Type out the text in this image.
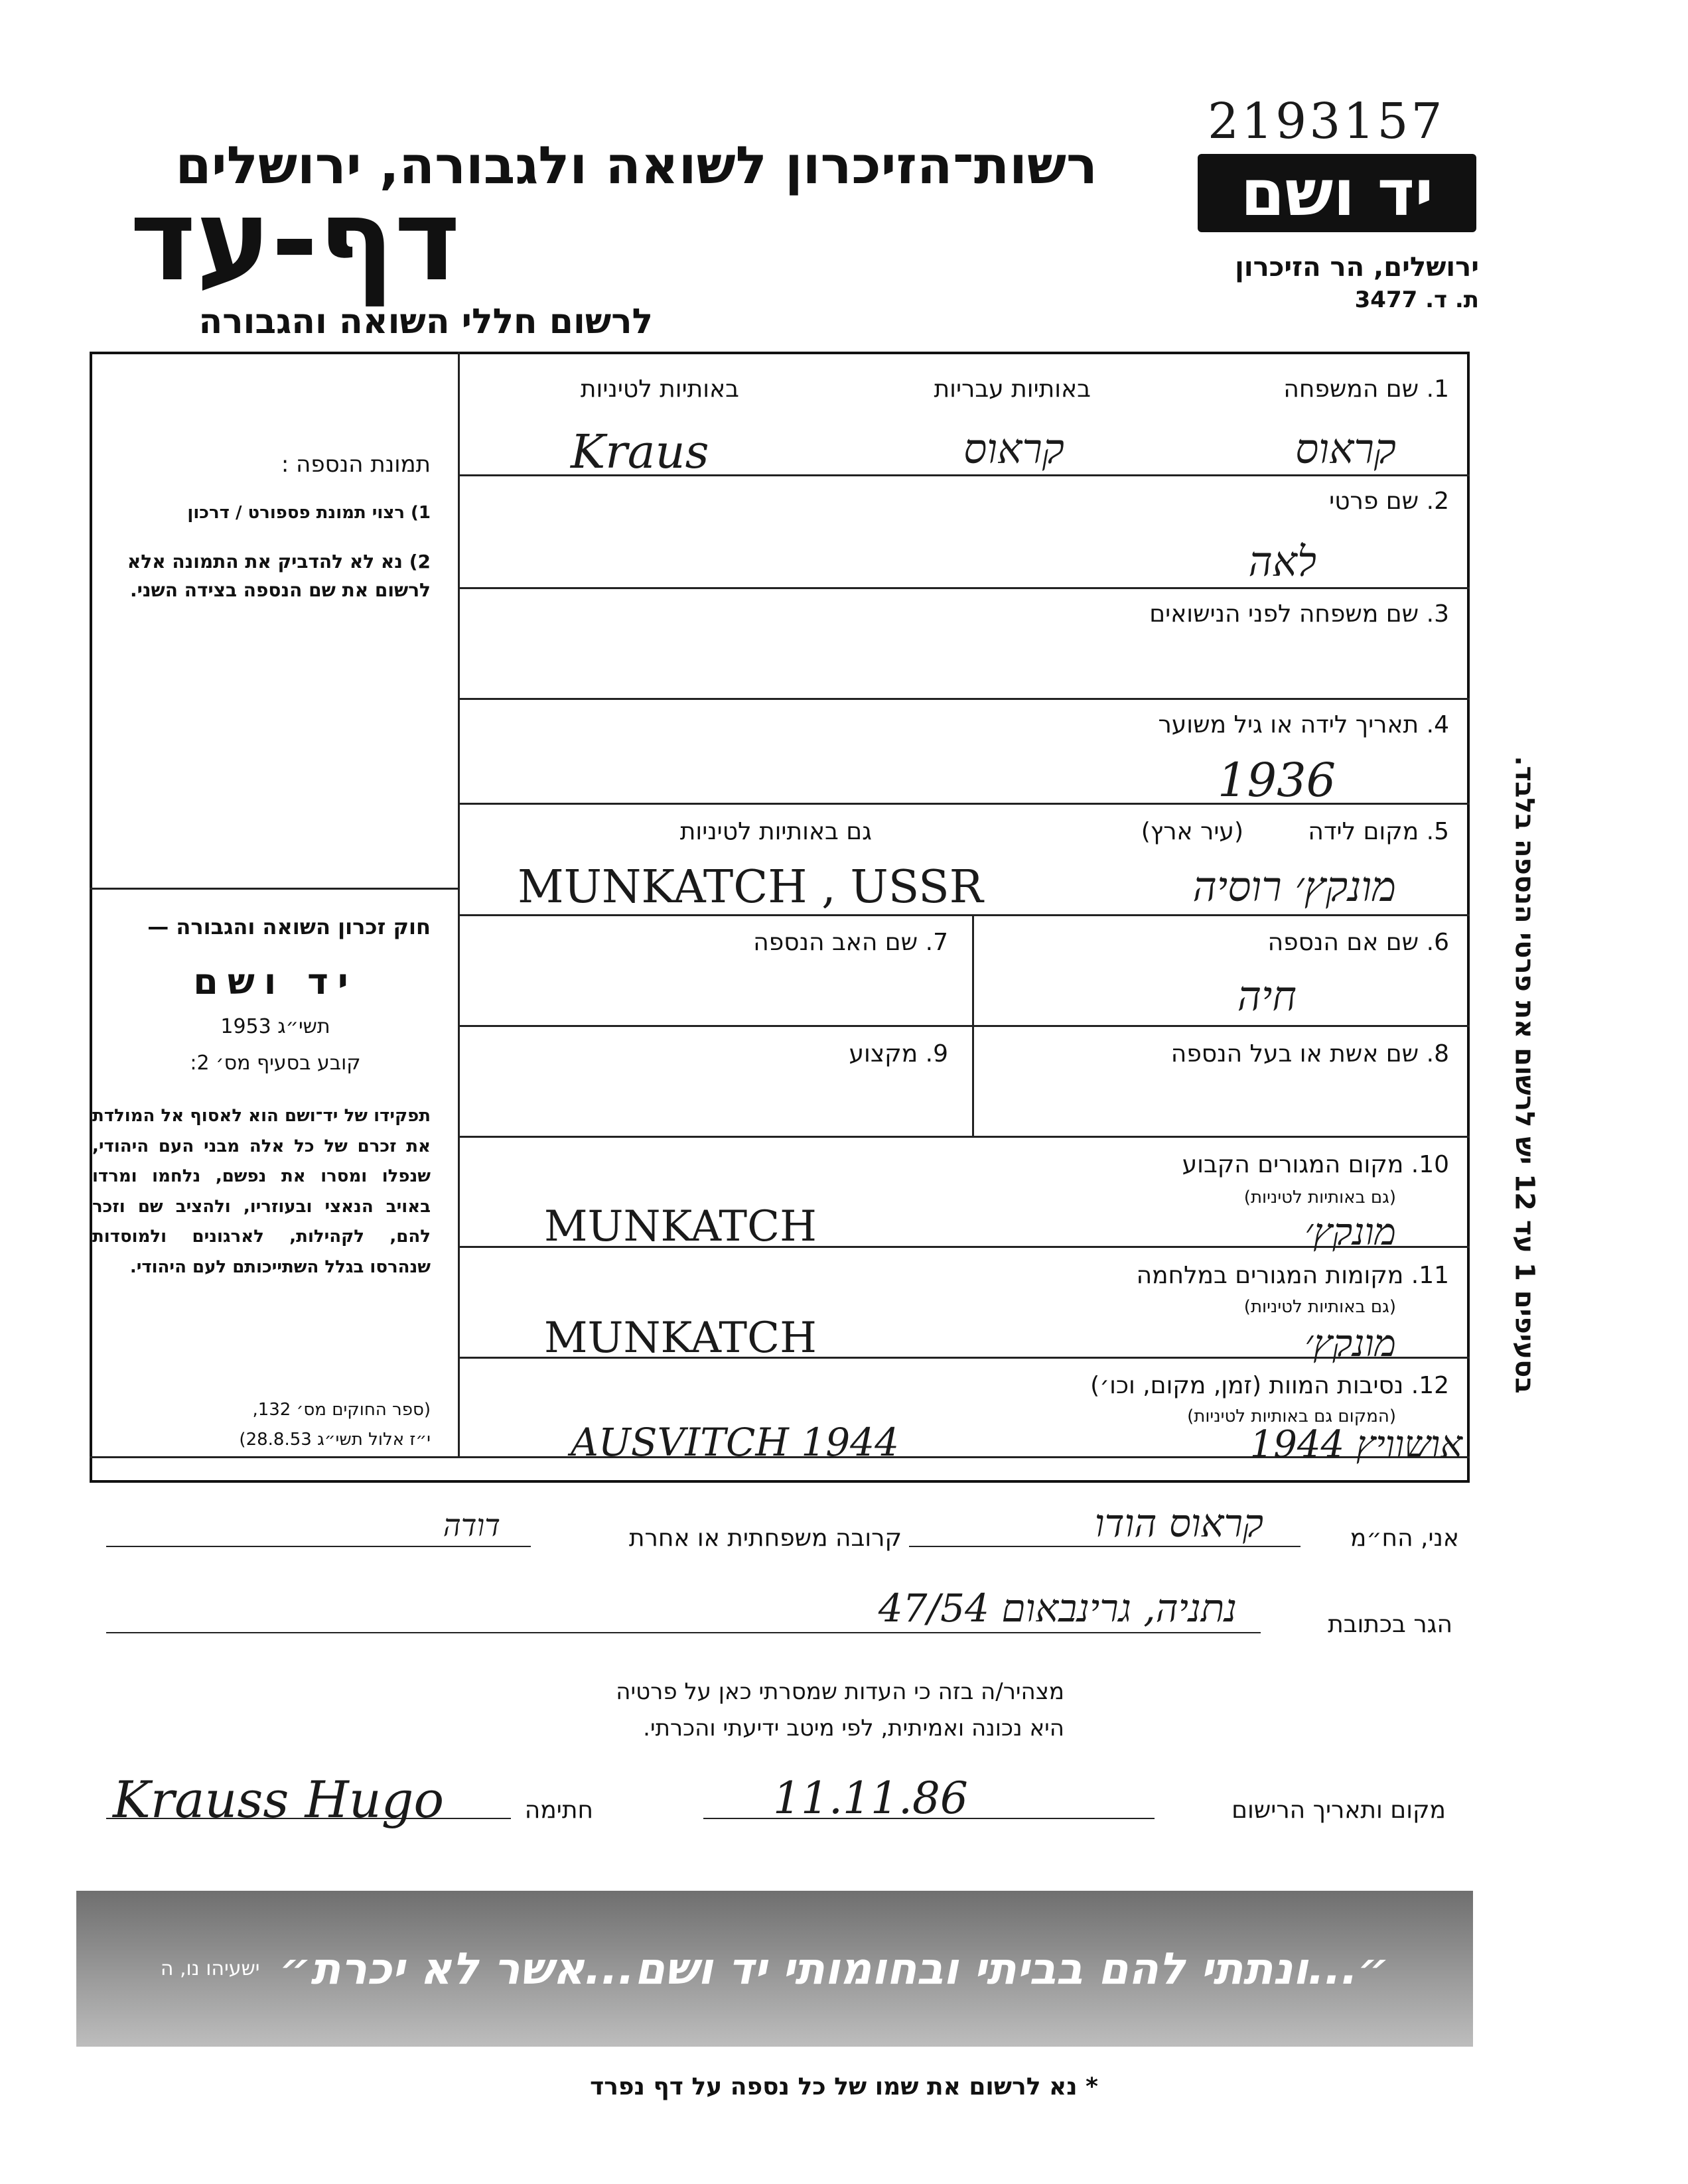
2193157
יד ושם
ירושלים, הר הזיכרון
ת. ד. 3477
רשות־הזיכרון לשואה ולגבורה, ירושלים
דף-עד
לרשום חללי השואה והגבורה
1. שם המשפחה
באותיות עבריות
באותיות לטיניות
קראוס
קראוס
Kraus
2. שם פרטי
לאה
3. שם משפחה לפני הנישואים
4. תאריך לידה או גיל משוער
1936
5. מקום לידה
(עיר ארץ)
גם באותיות לטיניות
מונקץ׳ רוסיה
MUNKATCH , USSR
6. שם אם הנספה
חיה
7. שם האב הנספה
8. שם אשת או בעל הנספה
9. מקצוע
10. מקום המגורים הקבוע
(גם באותיות לטיניות)
מונקץ׳
MUNKATCH
11. מקומות המגורים במלחמה
(גם באותיות לטיניות)
מונקץ׳
MUNKATCH
12. נסיבות המוות (זמן, מקום, וכו׳)
(המקום גם באותיות לטיניות)
אושוויץ 1944
AUSVITCH 1944
תמונת הנספה :
1) רצוי תמונת פספורט / דרכון
2) נא לא להדביק את התמונה אלא לרשום את שם הנספה בצידה השני.
חוק זכרון השואה והגבורה —
יד ושם
תשי״ג 1953
קובע בסעיף מס׳ 2:
תפקידו של יד־ושם הוא לאסוף אל המולדת את זכרם של כל אלה מבני העם היהודי, שנפלו ומסרו את נפשם, נלחמו ומרדו באויב הנאצי ובעוזריו, ולהציב שם וזכר להם, לקהילות, לארגונים ולמוסדות שנהרסו בגלל השתייכותם לעם היהודי.
(ספר החוקים מס׳ 132,
י״ז אלול תשי״ג 28.8.53)
בסעיפים 1 עד 12 יש לרשום את פרטי הנספה בלבד.
אני, הח״מ
קראוס הודו
קרובה משפחתית או אחרת
דודה
הגר בכתובת
נתניה, גרינבאום 47/54
מצהיר/ה בזה כי העדות שמסרתי כאן על פרטיה
היא נכונה ואמיתית, לפי מיטב ידיעתי והכרתי.
מקום ותאריך הרישום
11.11.86
חתימה
Krauss Hugo
״...ונתתי להם בביתי ובחומותי יד ושם...אשר לא יכרת״
ישעיהו נו, ה
* נא לרשום את שמו של כל נספה על דף נפרד
